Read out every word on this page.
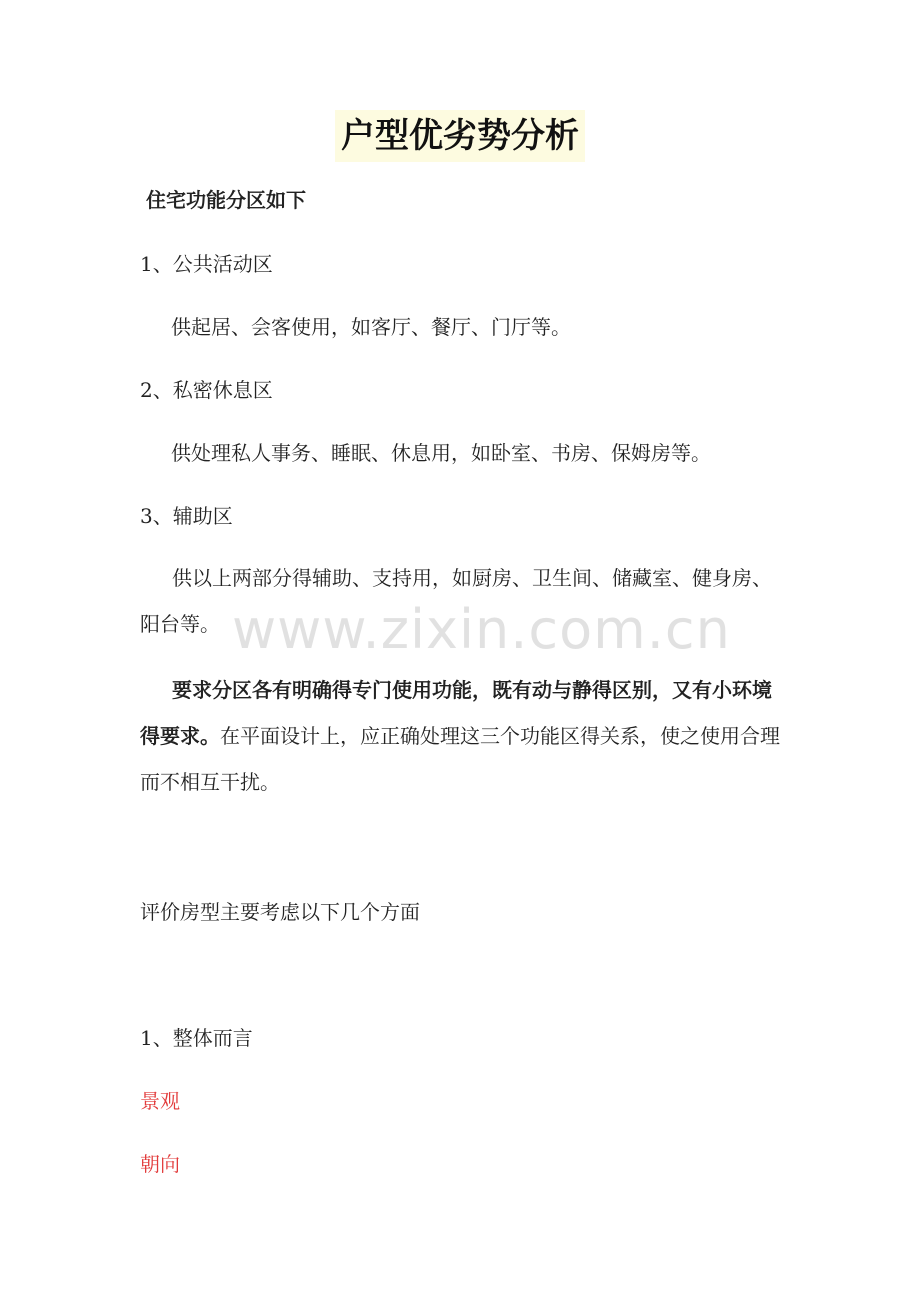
户型优劣势分析
住宅功能分区如下
1、公共活动区
供起居、会客使用，如客厅、餐厅、门厅等。
2、私密休息区
供处理私人事务、睡眠、休息用，如卧室、书房、保姆房等。
3、辅助区
供以上两部分得辅助、支持用，如厨房、卫生间、储藏室、健身房、阳台等。
要求分区各有明确得专门使用功能，既有动与静得区别，又有小环境得要求。在平面设计上，应正确处理这三个功能区得关系，使之使用合理而不相互干扰。
评价房型主要考虑以下几个方面
1、整体而言
景观
朝向
www.zixin.com.cn
